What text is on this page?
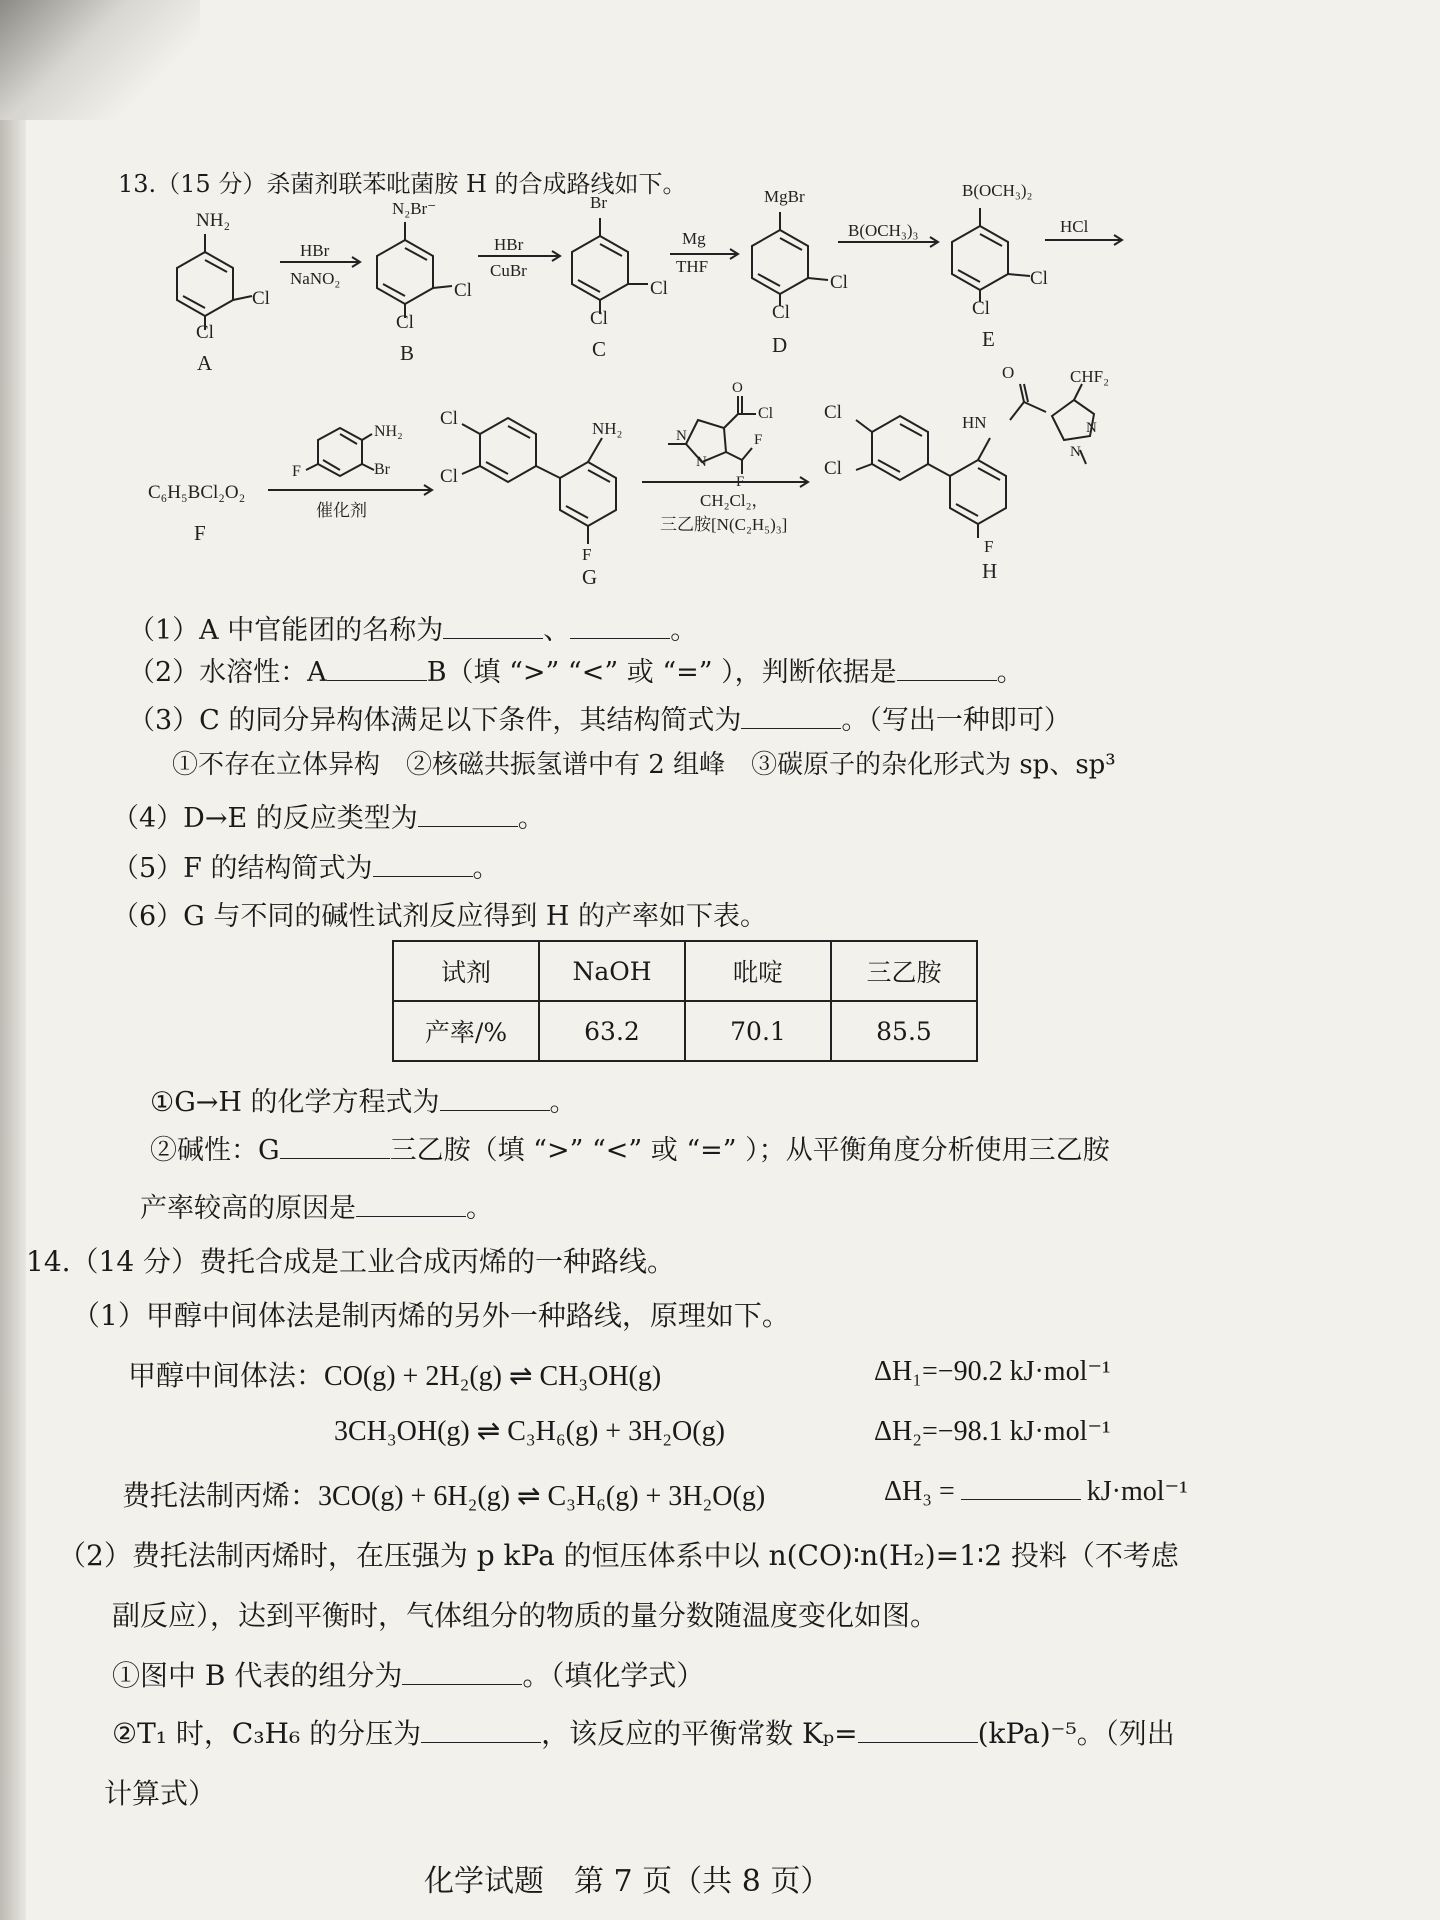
13.（15 分）杀菌剂联苯吡菌胺 H 的合成路线如下。
NH₂
Cl
Cl
A
HBr
NaNO₂
N₂Br⁻
Cl
Cl
B
HBr
CuBr
Br
Cl
Cl
C
Mg
THF
MgBr
Cl
Cl
D
B(OCH₃)₃
B(OCH₃)₂
Cl
Cl
E
HCl
C₆H₅BCl₂O₂
F
NH₂
F	Br
催化剂
Cl
Cl
NH₂
F
G
O
Cl
N
N
F
F
CH₂Cl₂，
三乙胺[N(C₂H₅)₃]
Cl
Cl
HN
O	CHF₂
N
N
F
H
（1）A 中官能团的名称为	、	。
（2）水溶性：A	B（填 “>” “<” 或 “=” ），判断依据是	。
（3）C 的同分异构体满足以下条件，其结构简式为	。（写出一种即可）
①不存在立体异构　②核磁共振氢谱中有 2 组峰　③碳原子的杂化形式为 sp、sp³
（4）D→E 的反应类型为	。
（5）F 的结构简式为	。
（6）G 与不同的碱性试剂反应得到 H 的产率如下表。
试剂	NaOH	吡啶	三乙胺
产率/%	63.2	70.1	85.5
①G→H 的化学方程式为	。
②碱性：G	三乙胺（填 “>” “<” 或 “=” ）；从平衡角度分析使用三乙胺
产率较高的原因是	。
14.（14 分）费托合成是工业合成丙烯的一种路线。
（1）甲醇中间体法是制丙烯的另外一种路线，原理如下。
甲醇中间体法：CO(g) + 2H₂(g) ⇌ CH₃OH(g)	ΔH₁=−90.2 kJ·mol⁻¹
3CH₃OH(g) ⇌ C₃H₆(g) + 3H₂O(g)	ΔH₂=−98.1 kJ·mol⁻¹
费托法制丙烯：3CO(g) + 6H₂(g) ⇌ C₃H₆(g) + 3H₂O(g)	ΔH₃ =	kJ·mol⁻¹
（2）费托法制丙烯时，在压强为 p kPa 的恒压体系中以 n(CO)∶n(H₂)=1∶2 投料（不考虑
副反应），达到平衡时，气体组分的物质的量分数随温度变化如图。
①图中 B 代表的组分为	。（填化学式）
②T₁ 时，C₃H₆ 的分压为	，该反应的平衡常数 Kₚ=	(kPa)⁻⁵。（列出
计算式）
化学试题　第 7 页（共 8 页）
